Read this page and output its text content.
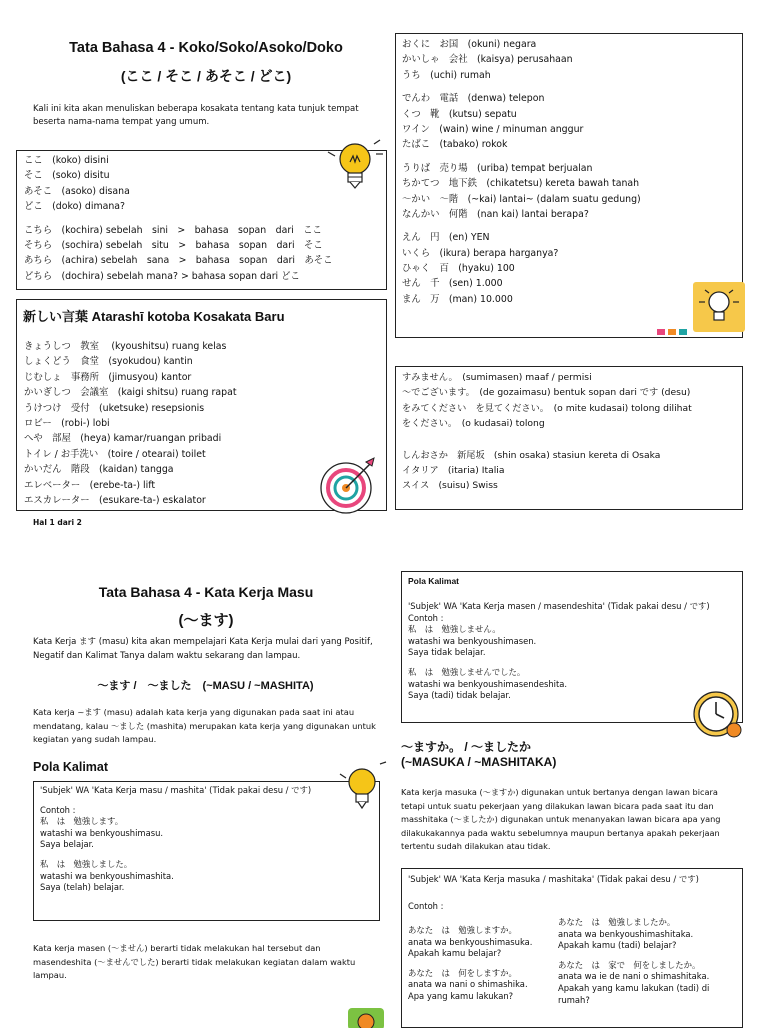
Tata Bahasa 4 - Koko/Soko/Asoko/Doko
(ここ / そこ / あそこ / どこ)
Kali ini kita akan menuliskan beberapa kosakata tentang kata tunjuk tempat beserta nama-nama tempat yang umum.
ここ　(koko) disini
そこ　(soko) disitu
あそこ　(asoko) disana
どこ　(doko) dimana?
こちら　(kochira) sebelah　sini　>　bahasa　sopan　dari　ここ
そちら　(sochira) sebelah　situ　>　bahasa　sopan　dari　そこ
あちら　(achira) sebelah　sana　>　bahasa　sopan　dari　あそこ
どちら　(dochira) sebelah mana? > bahasa sopan dari どこ
新しい言葉 Atarashī kotoba Kosakata Baru
きょうしつ　教室　 (kyoushitsu) ruang kelas
しょくどう　食堂　(syokudou) kantin
じむしょ　事務所　(jimusyou) kantor
かいぎしつ　会議室　(kaigi shitsu) ruang rapat
うけつけ　受付　(uketsuke) resepsionis
ロビー　(robi-) lobi
へや　部屋　(heya) kamar/ruangan pribadi
トイレ / お手洗い　(toire / otearai) toilet
かいだん　階段　(kaidan) tangga
エレベーター　(erebe-ta-) lift
エスカレーター　(esukare-ta-) eskalator
Hal 1 dari 2
おくに　お国　(okuni) negara
かいしゃ　会社　(kaisya) perusahaan
うち　(uchi) rumah
でんわ　電話　(denwa) telepon
くつ　靴　(kutsu) sepatu
ワイン　(wain) wine / minuman anggur
たばこ　(tabako) rokok
うりば　売り場　(uriba) tempat berjualan
ちかてつ　地下鉄　(chikatetsu) kereta bawah tanah
～かい　～階　(~kai) lantai~ (dalam suatu gedung)
なんかい　何階　(nan kai) lantai berapa?
えん　円　(en) YEN
いくら　(ikura) berapa harganya?
ひゃく　百　(hyaku) 100
せん　千　(sen) 1.000
まん　万　(man) 10.000
すみません。　(sumimasen) maaf / permisi
～でございます。　(de gozaimasu) bentuk sopan dari です (desu)
をみてください　を見てください。　(o mite kudasai) tolong dilihat
をください。　(o kudasai) tolong
しんおさか　新尾坂　(shin osaka) stasiun kereta di Osaka
イタリア　(itaria) Italia
スイス　(suisu) Swiss
Tata Bahasa 4 - Kata Kerja Masu
(～ます)
Kata Kerja ます (masu) kita akan mempelajari Kata Kerja mulai dari yang Positif, Negatif dan Kalimat Tanya dalam waktu sekarang dan lampau.
～ます /　～ました　(~MASU / ~MASHITA)
Kata kerja ~ます (masu) adalah kata kerja yang digunakan pada saat ini atau mendatang, kalau ～ました (mashita) merupakan kata kerja yang digunakan untuk kegiatan yang sudah lampau.
Pola Kalimat
'Subjek' WA 'Kata Kerja masu / mashita' (Tidak pakai desu / です)
Contoh :
私　は　勉強します。
watashi wa benkyoushimasu.
Saya belajar.
私　は　勉強しました。
watashi wa benkyoushimashita.
Saya (telah) belajar.
Kata kerja masen (～ません) berarti tidak melakukan hal tersebut dan masendeshita (～ませんでした) berarti tidak melakukan kegiatan dalam waktu lampau.
Pola Kalimat
'Subjek' WA 'Kata Kerja masen / masendeshita' (Tidak pakai desu / です)
Contoh :
私　は　勉強しません。
watashi wa benkyoushimasen.
Saya tidak belajar.
私　は　勉強しませんでした。
watashi wa benkyoushimasendeshita.
Saya (tadi) tidak belajar.
～ますか。 / ～ましたか
(~MASUKA / ~MASHITAKA)
Kata kerja masuka (～ますか) digunakan untuk bertanya dengan lawan bicara tetapi untuk suatu pekerjaan yang dilakukan lawan bicara pada saat itu dan masshitaka (～ましたか) digunakan untuk menanyakan lawan bicara apa yang dilakukakannya pada waktu sebelumnya maupun bertanya apakah pekerjaan tertentu sudah dilakukan atau tidak.
'Subjek' WA 'Kata Kerja masuka / mashitaka' (Tidak pakai desu / です)
Contoh :
あなた　は　勉強しますか。
anata wa benkyoushimasuka.
Apakah kamu belajar?
あなた　は　何をしますか。
anata wa nani o shimashika.
Apa yang kamu lakukan?
あなた　は　勉強しましたか。
anata wa benkyoushimashitaka.
Apakah kamu (tadi) belajar?
あなた　は　家で　何をしましたか。
anata wa ie de nani o shimashitaka.
Apakah yang kamu lakukan (tadi) di
rumah?
